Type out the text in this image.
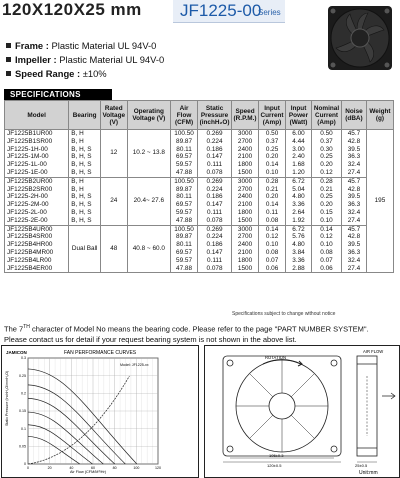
120X120X25 mm JF1225-00
Series
Frame : Plastic Material UL 94V-0
Impeller : Plastic Material UL 94V-0
Speed Range : ±10%
SPECIFICATIONS
Model	Bearing	Rated Voltage (V)	Operating Voltage (V)	Air Flow (CFM)	Static Pressure (inchH₂O)	Speed (R.P.M.)	Input Current (Amp)	Input Power (Watt)	Nominal Current (Amp)	Noise (dBA)	Weight (g)
JF1225B1UR00	B, H	12	10.2 ~ 13.8	100.50	0.269	3000	0.50	6.00	0.50	45.7	195
JF1225B1SR00	B, H			89.87	0.224	2700	0.37	4.44	0.37	42.8	
JF1225-1H-00	B, H, S			80.11	0.186	2400	0.25	3.00	0.30	39.5	
JF1225-1M-00	B, H, S			69.57	0.147	2100	0.20	2.40	0.25	36.3	
JF1225-1L-00	B, H, S			59.57	0.111	1800	0.14	1.68	0.20	32.4	
JF1225-1E-00	B, H, S			47.88	0.078	1500	0.10	1.20	0.12	27.4	
JF1225B2UR00	B, H	24	20.4~ 27.6	100.50	0.269	3000	0.28	6.72	0.28	45.7	
JF1225B2SR00	B, H			89.87	0.224	2700	0.21	5.04	0.21	42.8	
JF1225-2H-00	B, H, S			80.11	0.186	2400	0.20	4.80	0.25	39.5	
JF1225-2M-00	B, H, S			69.57	0.147	2100	0.14	3.36	0.20	36.3	
JF1225-2L-00	B, H, S			59.57	0.111	1800	0.11	2.64	0.15	32.4	
JF1225-2E-00	B, H, S			47.88	0.078	1500	0.08	1.92	0.10	27.4	
JF1225B4UR00	Dual Ball	48	40.8 ~ 60.0	100.50	0.269	3000	0.14	6.72	0.14	45.7	
JF1225B4SR00				89.87	0.224	2700	0.12	5.76	0.12	42.8	
JF1225B4HR00				80.11	0.186	2400	0.10	4.80	0.10	39.5	
JF1225B4MR00				69.57	0.147	2100	0.08	3.84	0.08	36.3	
JF1225B4LR00				59.57	0.111	1800	0.07	3.36	0.07	32.4	
JF1225B4ER00				47.88	0.078	1500	0.06	2.88	0.06	27.4	
Specifications subject to change without notice
The 7TH character of Model No means the bearing code. Please refer to the page "PART NUMBER SYSTEM".
Please contact us for detail if your request bearing system is not shown in the above list.
JAMICON	FAN PERFORMANCE CURVES
Static Pressure (InchH₂O/mmH₂O)
Model: JF1225-xx
Air Flow (CFM/M³/Hr)
0.3
0.25
0.2
0.15
0.1
0.05
0
0	20	40	60	80	100	120
ROTATION
AIR FLOW
120±0.5
105±0.3
25±0.5
Unit:mm
